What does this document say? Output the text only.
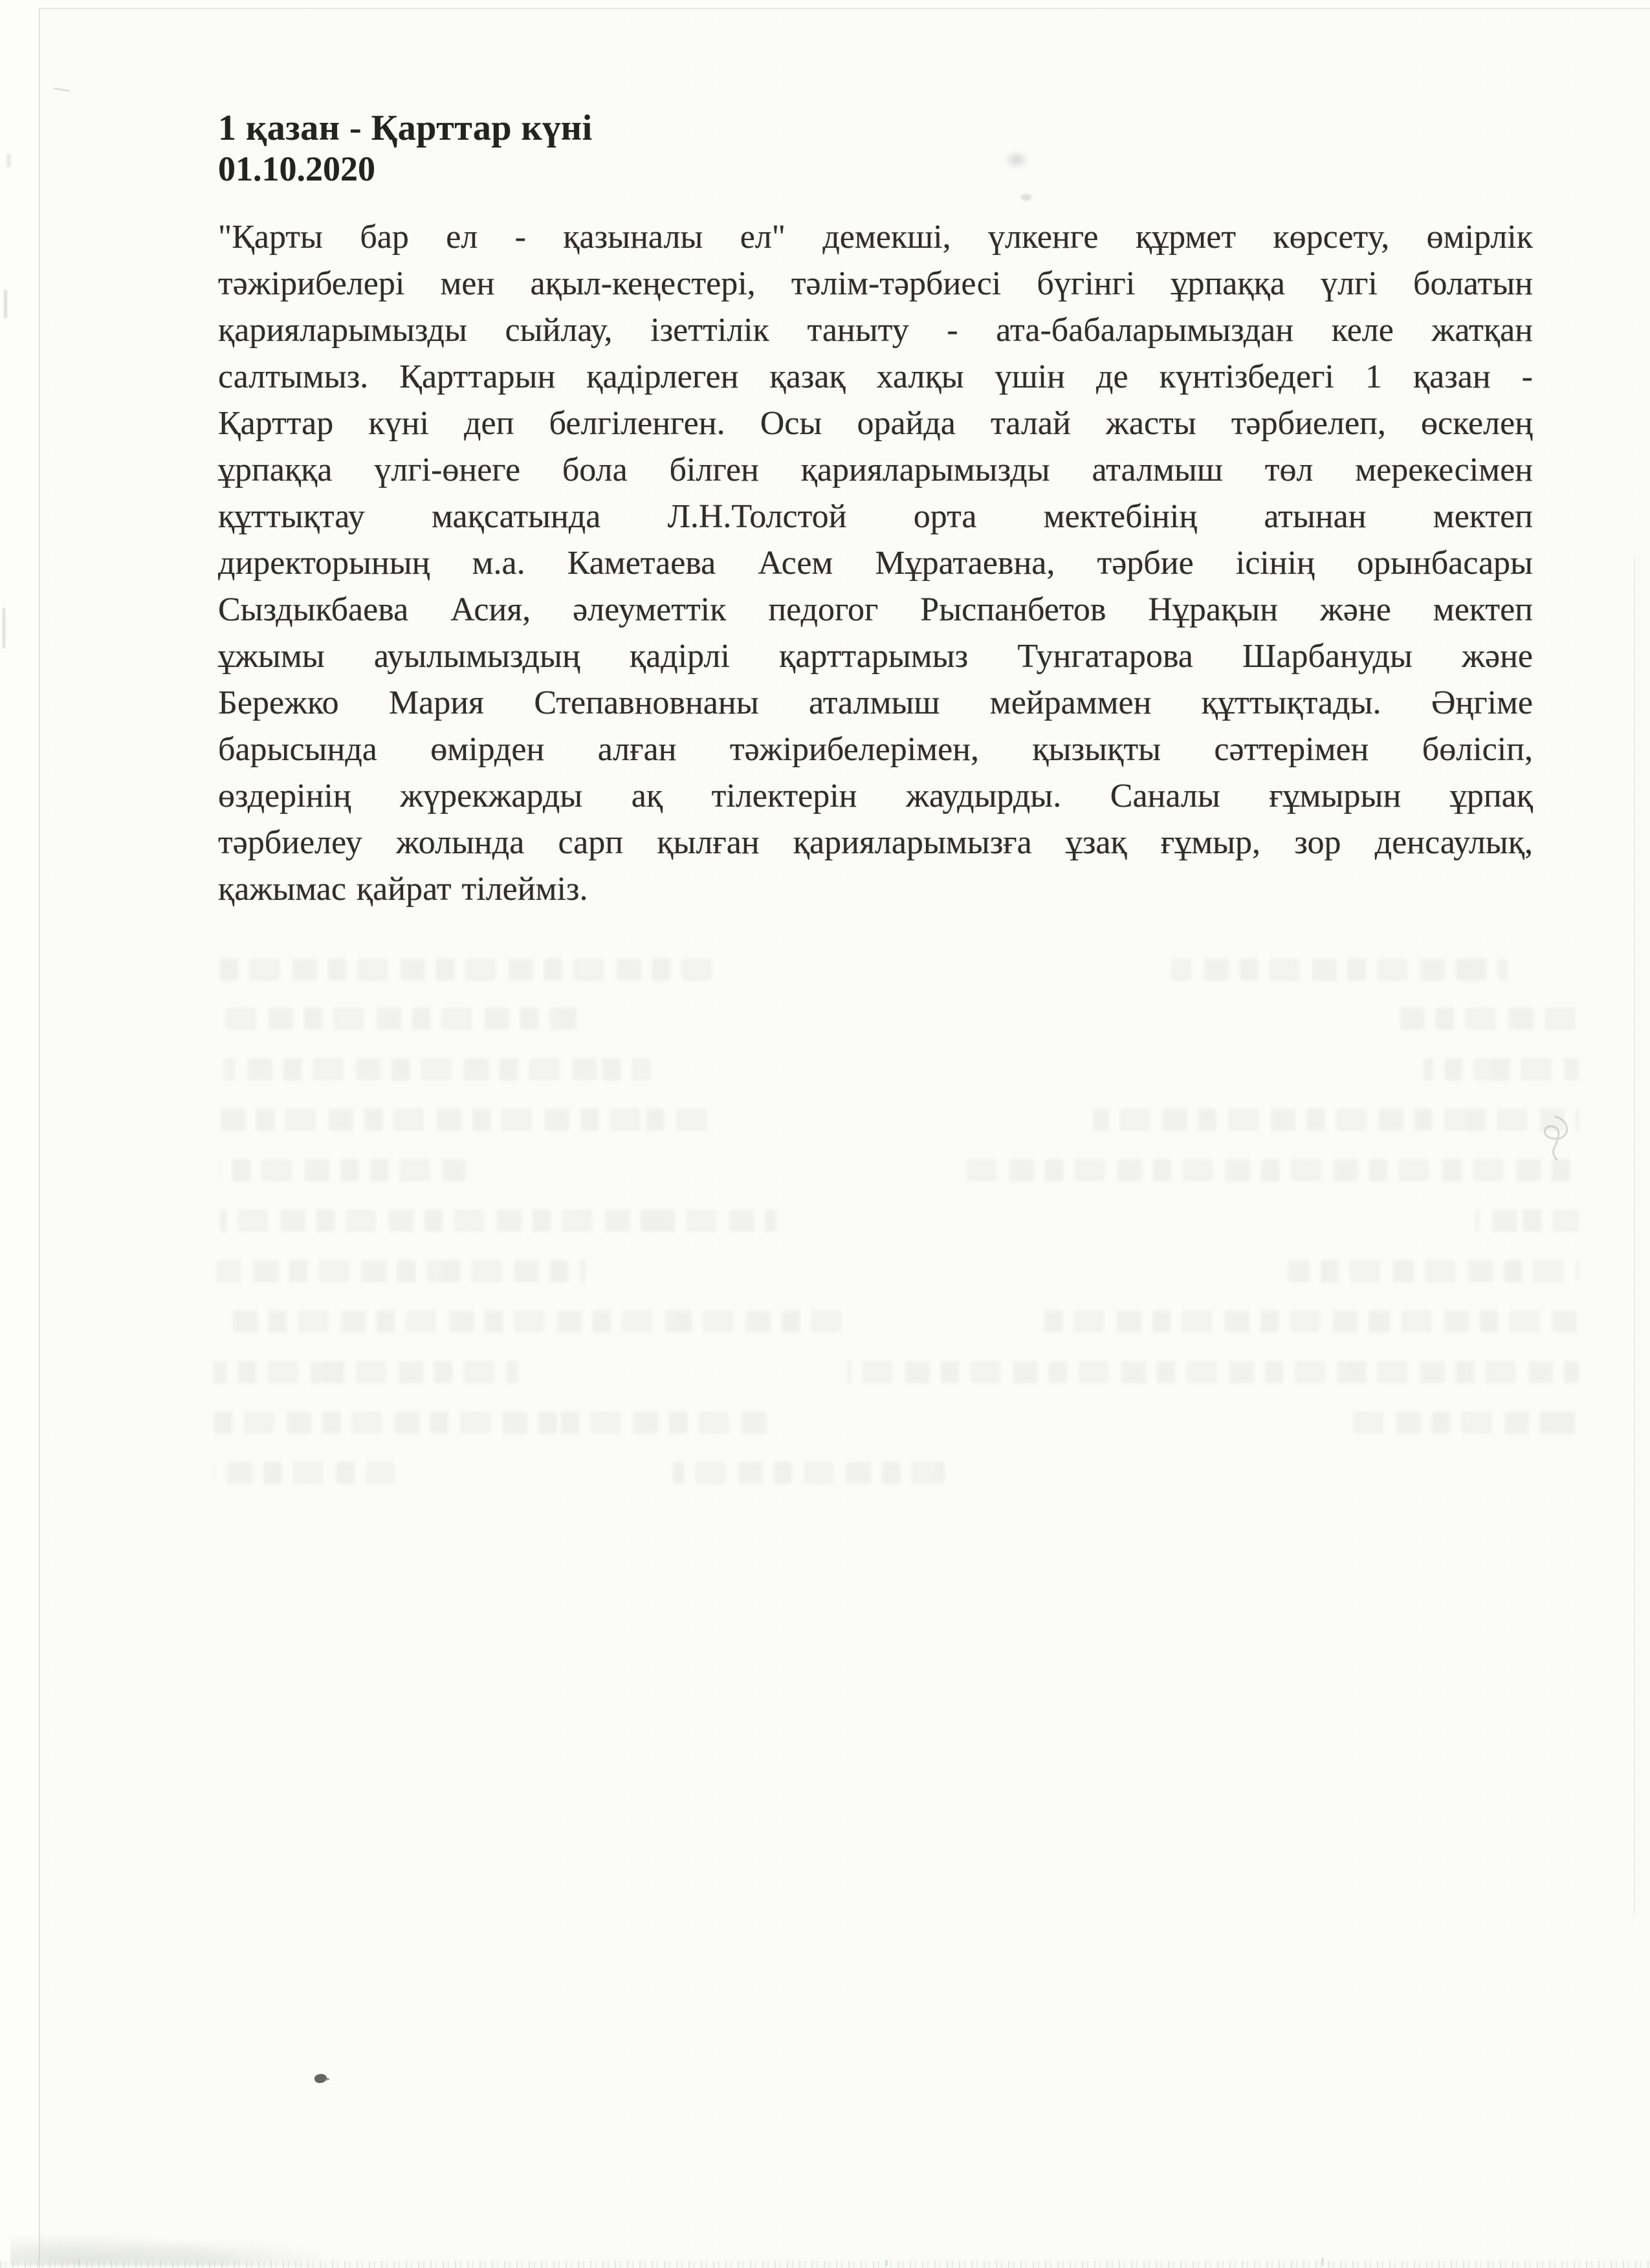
1 қазан - Қарттар күні
01.10.2020
"Қарты бар ел - қазыналы ел" демекші, үлкенге құрмет көрсету, өмірлік
тәжірибелері мен ақыл-кеңестері, тәлім-тәрбиесі бүгінгі ұрпаққа үлгі болатын
қарияларымызды сыйлау, ізеттілік таныту - ата-бабаларымыздан келе жатқан
салтымыз. Қарттарын қадірлеген қазақ халқы үшін де күнтізбедегі 1 қазан -
Қарттар күні деп белгіленген. Осы орайда талай жасты тәрбиелеп, өскелең
ұрпаққа үлгі-өнеге бола білген қарияларымызды аталмыш төл мерекесімен
құттықтау мақсатында Л.Н.Толстой орта мектебінің атынан мектеп
директорының м.а. Каметаева Асем Мұратаевна, тәрбие ісінің орынбасары
Сыздыкбаева Асия, әлеуметтік педогог Рыспанбетов Нұрақын және мектеп
ұжымы ауылымыздың қадірлі қарттарымыз Тунгатарова Шарбануды және
Бережко Мария Степавновнаны аталмыш мейраммен құттықтады. Әңгіме
барысында өмірден алған тәжірибелерімен, қызықты сәттерімен бөлісіп,
өздерінің жүрекжарды ақ тілектерін жаудырды. Саналы ғұмырын ұрпақ
тәрбиелеу жолында сарп қылған қарияларымызға ұзақ ғұмыр, зор денсаулық,
қажымас қайрат тілейміз.
